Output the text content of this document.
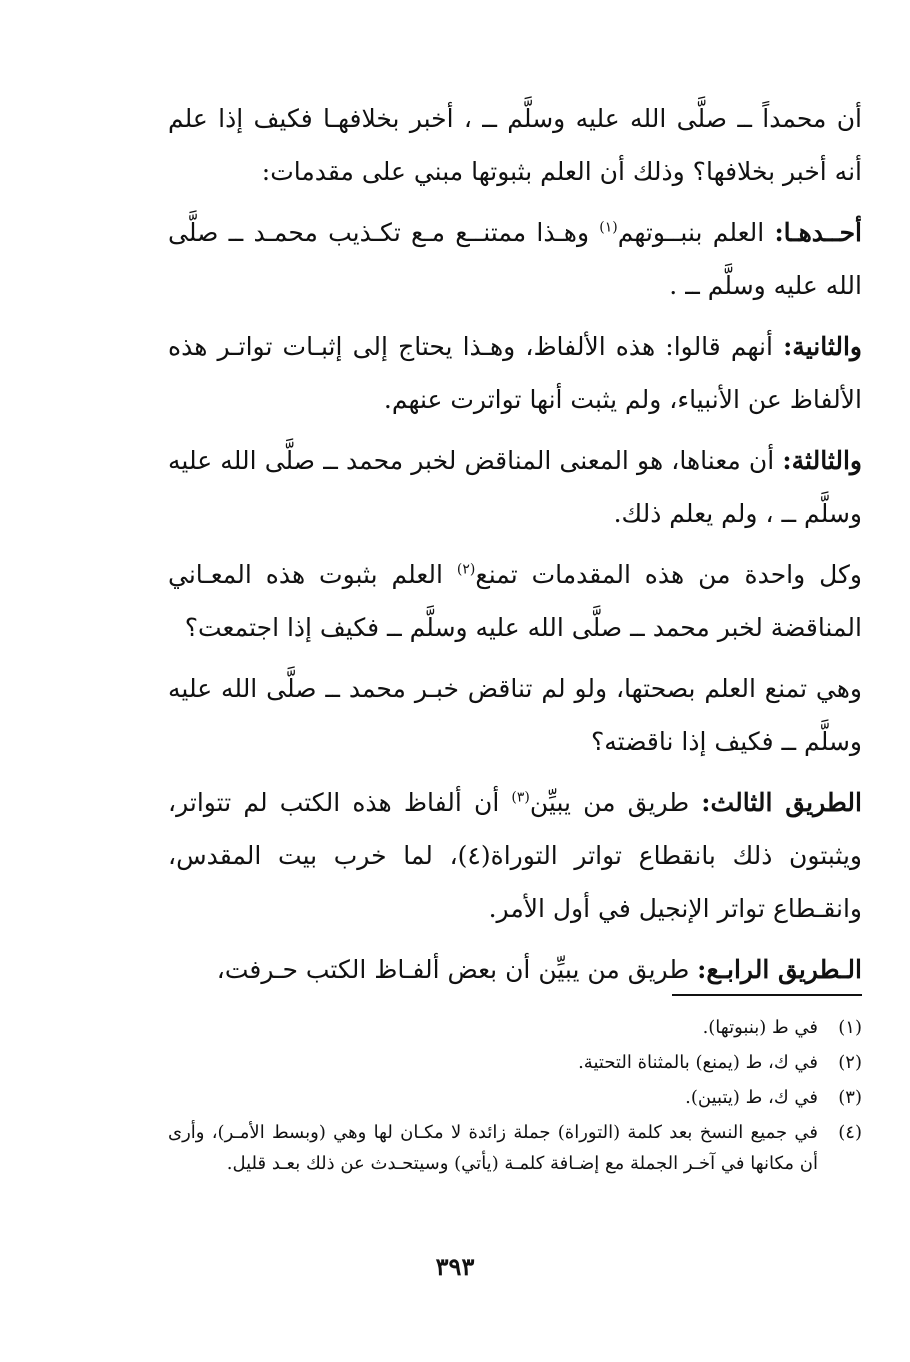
أن محمداً ــ صلَّى الله عليه وسلَّم ــ ، أخبر بخلافهـا فكيف إذا علم أنه أخبر بخلافها؟ وذلك أن العلم بثبوتها مبني على مقدمات:

أحــدهـا: العلم بنبــوتهم$^{(١)}$ وهـذا ممتنــع مـع تكـذيب محمـد ــ صلَّى الله عليه وسلَّم ــ .

والثانية: أنهم قالوا: هذه الألفاظ، وهـذا يحتاج إلى إثبـات تواتـر هذه الألفاظ عن الأنبياء، ولم يثبت أنها تواترت عنهم.

والثالثة: أن معناها، هو المعنى المناقض لخبر محمد ــ صلَّى الله عليه وسلَّم ــ ، ولم يعلم ذلك.

وكل واحدة من هذه المقدمات تمنع$^{(٢)}$ العلم بثبوت هذه المعـاني المناقضة لخبر محمد ــ صلَّى الله عليه وسلَّم ــ فكيف إذا اجتمعت؟

وهي تمنع العلم بصحتها، ولو لم تناقض خبـر محمد ــ صلَّى الله عليه وسلَّم ــ فكيف إذا ناقضته؟

الطريق الثالث: طريق من يبيِّن$^{(٣)}$ أن ألفاظ هذه الكتب لم تتواتر، ويثبتون ذلك بانقطاع تواتر التوراة(٤)، لما خرب بيت المقدس، وانقـطاع تواتر الإنجيل في أول الأمر.

الـطريق الرابـع: طريق من يبيِّن أن بعض ألفـاظ الكتب حـرفت،

(١)
في ط (بنبوتها).
(٢)
في ك، ط (يمنع) بالمثناة التحتية.
(٣)
في ك، ط (يتبين).
(٤)
في جميع النسخ بعد كلمة (التوراة) جملة زائدة لا مكـان لها وهي (وبسط الأمـر)، وأرى أن مكانها في آخـر الجملة مع إضـافة كلمـة (يأتي) وسيتحـدث عن ذلك بعـد قليل.
٣٩٣
